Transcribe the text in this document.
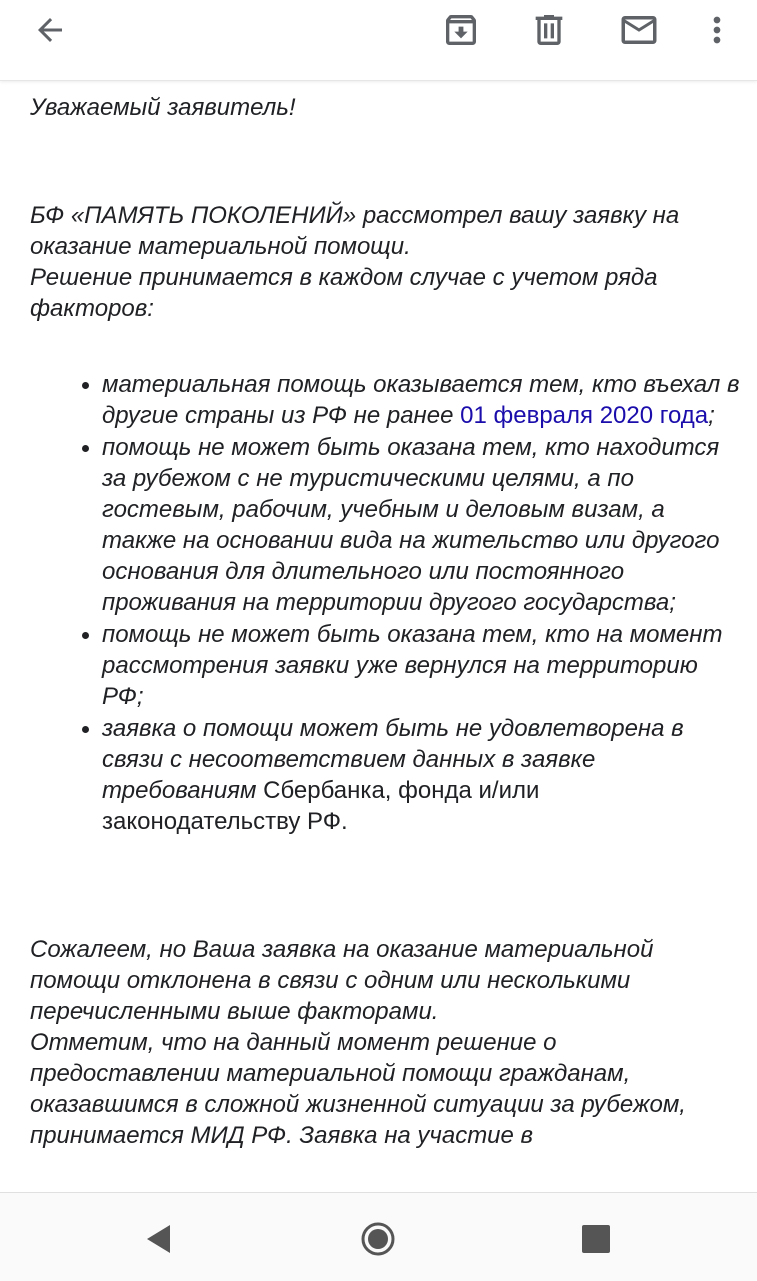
Уважаемый заявитель!

БФ «ПАМЯТЬ ПОКОЛЕНИЙ» рассмотрел вашу заявку на оказание материальной помощи.

Решение принимается в каждом случае с учетом ряда факторов:

материальная помощь оказывается тем, кто въехал в другие страны из РФ не ранее 01 февраля 2020 года;
помощь не может быть оказана тем, кто находится за рубежом с не туристическими целями, а по гостевым, рабочим, учебным и деловым визам, а также на основании вида на жительство или другого основания для длительного или постоянного проживания на территории другого государства;
помощь не может быть оказана тем, кто на момент рассмотрения заявки уже вернулся на территорию РФ;
заявка о помощи может быть не удовлетворена в связи с несоответствием данных в заявке требованиям Сбербанка, фонда и/или законодательству РФ.

Сожалеем, но Ваша заявка на оказание материальной помощи отклонена в связи с одним или несколькими перечисленными выше факторами.

Отметим, что на данный момент решение о предоставлении материальной помощи гражданам, оказавшимся в сложной жизненной ситуации за рубежом, принимается МИД РФ. Заявка на участие в
